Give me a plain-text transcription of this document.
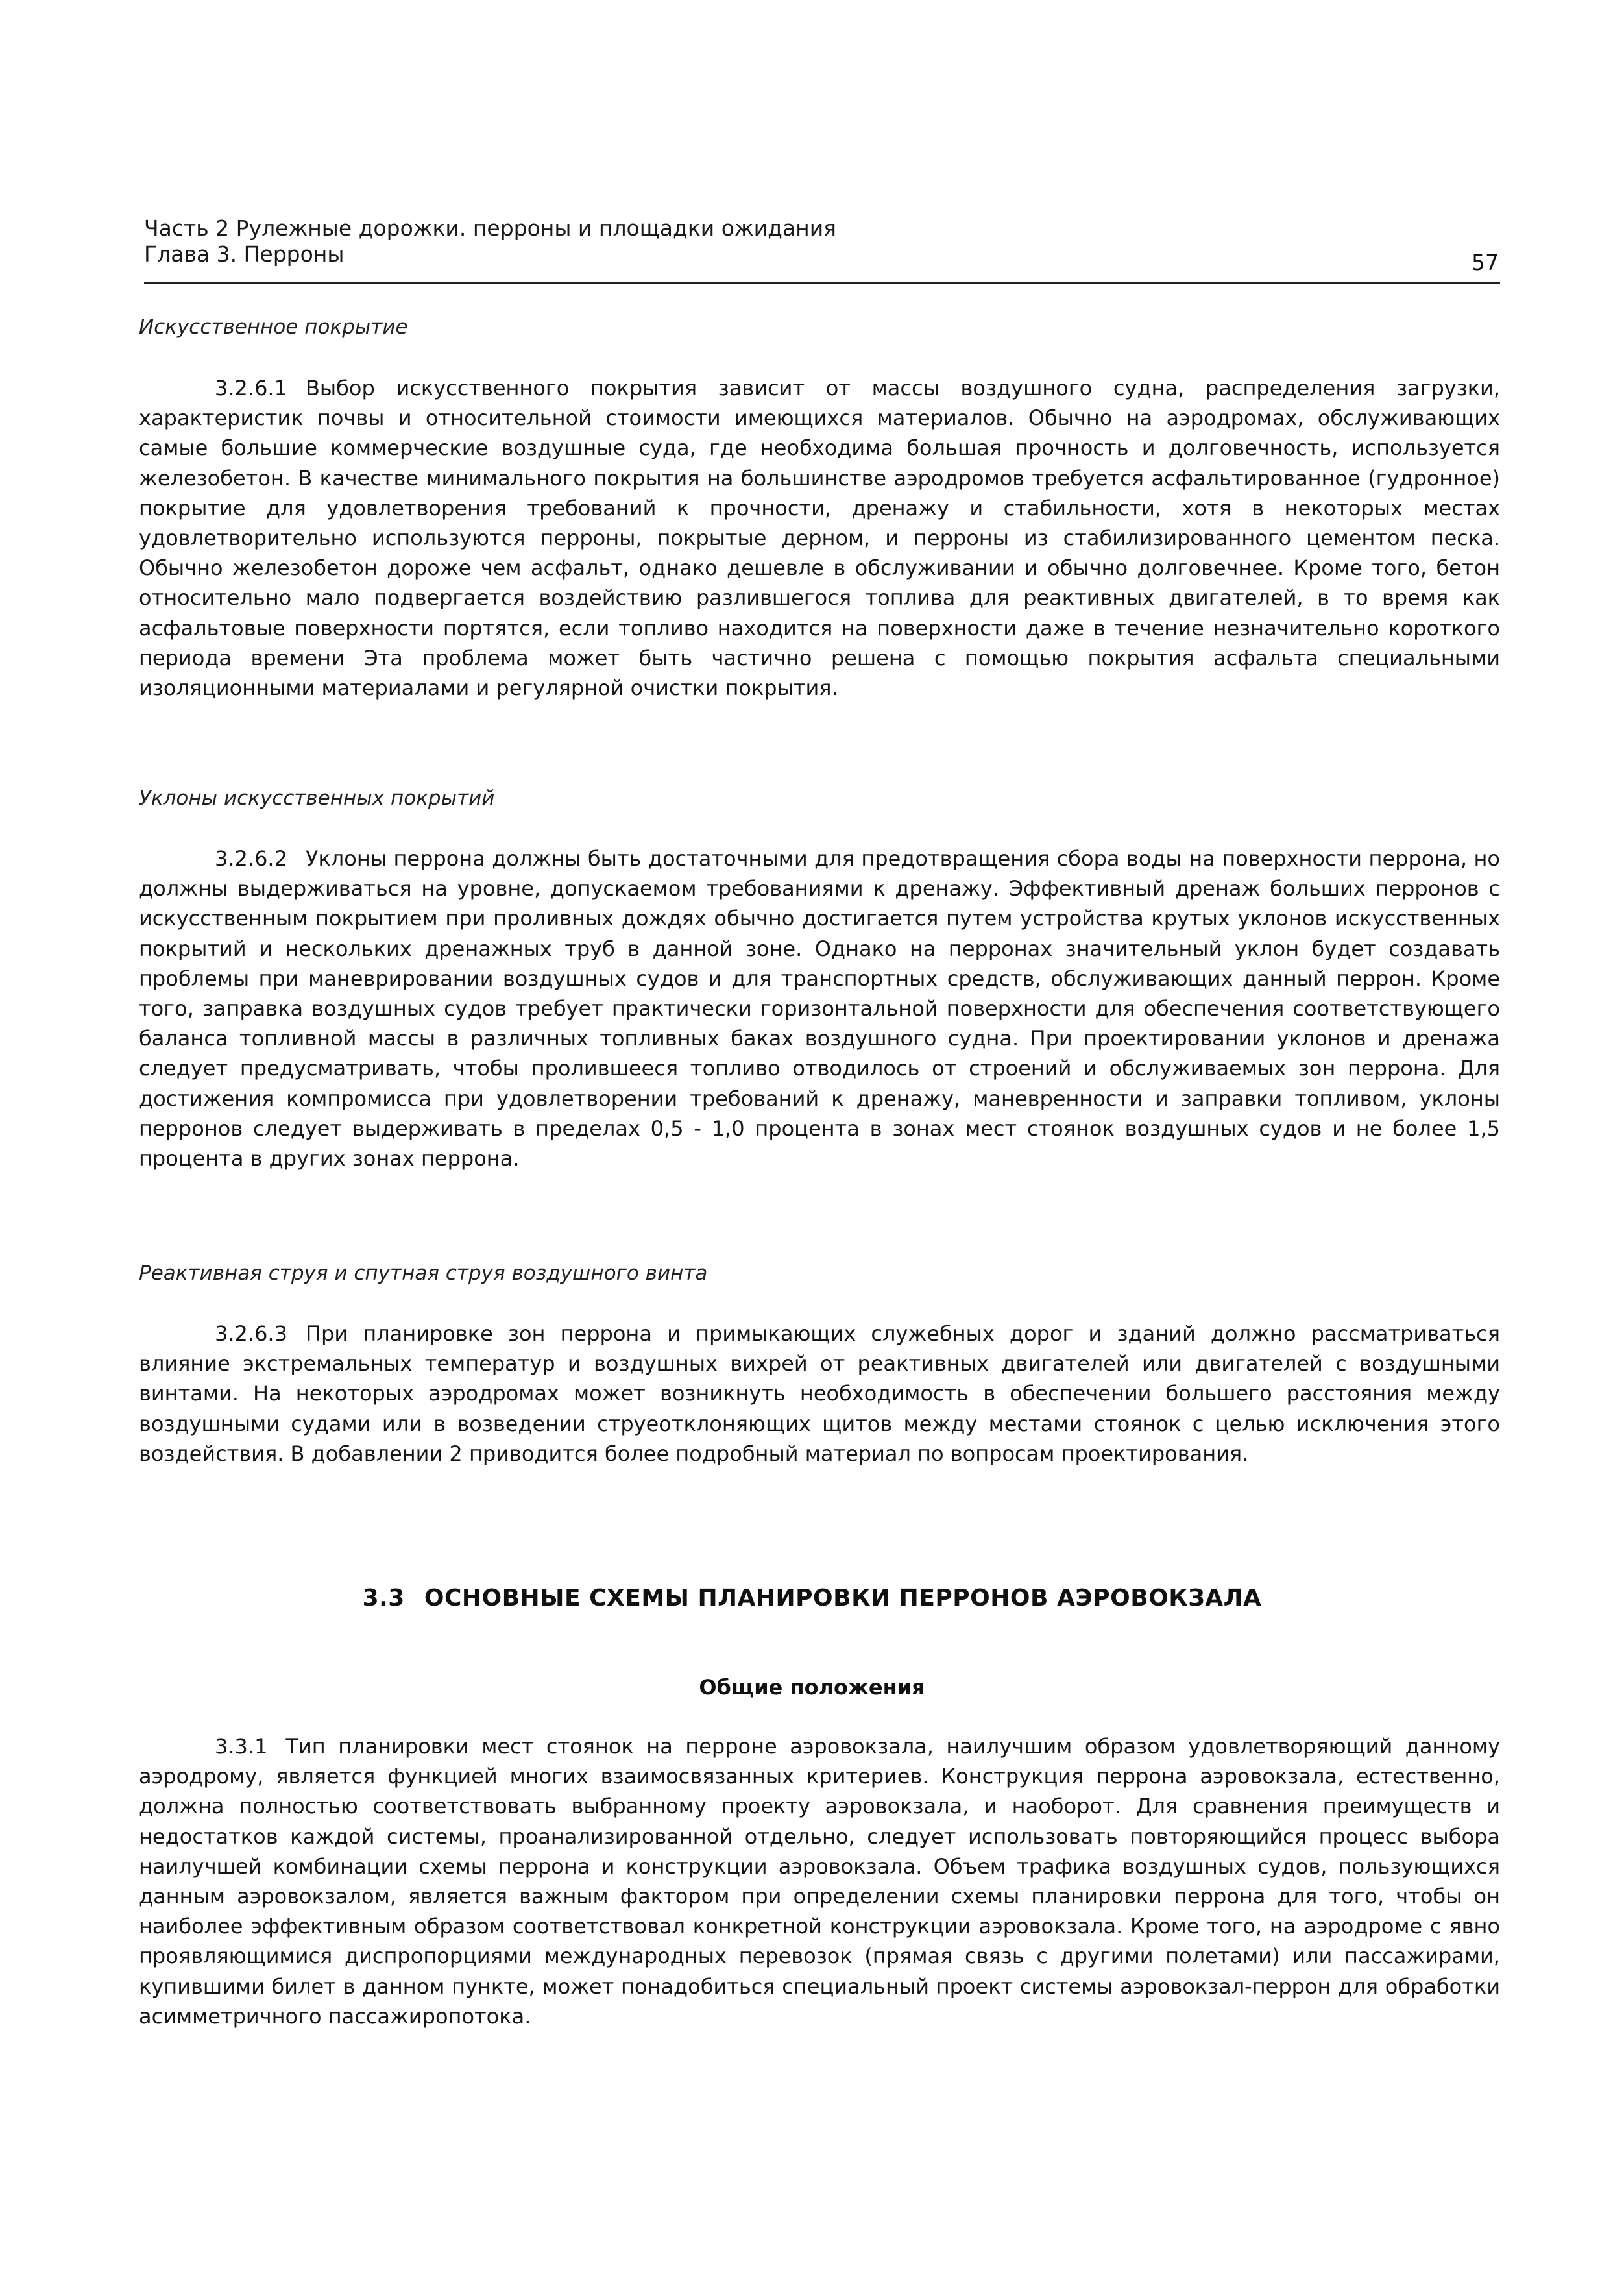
Часть 2 Рулежные дорожки. перроны и площадки ожидания
Глава 3. Перроны	57
Искусственное покрытие
3.2.6.1 Выбор искусственного покрытия зависит от массы воздушного судна, распределения загрузки, характеристик почвы и относительной стоимости имеющихся материалов. Обычно на аэродромах, обслуживающих самые большие коммерческие воздушные суда, где необходима большая прочность и долговечность, используется железобетон. В качестве минимального покрытия на большинстве аэродромов требуется асфальтированное (гудронное) покрытие для удовлетворения требований к прочности, дренажу и стабильности, хотя в некоторых местах удовлетворительно используются перроны, покрытые дерном, и перроны из стабилизированного цементом песка. Обычно железобетон дороже чем асфальт, однако дешевле в обслуживании и обычно долговечнее. Кроме того, бетон относительно мало подвергается воздействию разлившегося топлива для реактивных двигателей, в то время как асфальтовые поверхности портятся, если топливо находится на поверхности даже в течение незначительно короткого периода времени Эта проблема может быть частично решена с помощью покрытия асфальта специальными изоляционными материалами и регулярной очистки покрытия.
Уклоны искусственных покрытий
3.2.6.2 Уклоны перрона должны быть достаточными для предотвращения сбора воды на поверхности перрона, но должны выдерживаться на уровне, допускаемом требованиями к дренажу. Эффективный дренаж больших перронов с искусственным покрытием при проливных дождях обычно достигается путем устройства крутых уклонов искусственных покрытий и нескольких дренажных труб в данной зоне. Однако на перронах значительный уклон будет создавать проблемы при маневрировании воздушных судов и для транспортных средств, обслуживающих данный перрон. Кроме того, заправка воздушных судов требует практически горизонтальной поверхности для обеспечения соответствующего баланса топливной массы в различных топливных баках воздушного судна. При проектировании уклонов и дренажа следует предусматривать, чтобы пролившееся топливо отводилось от строений и обслуживаемых зон перрона. Для достижения компромисса при удовлетворении требований к дренажу, маневренности и заправки топливом, уклоны перронов следует выдерживать в пределах 0,5 - 1,0 процента в зонах мест стоянок воздушных судов и не более 1,5 процента в других зонах перрона.
Реактивная струя и спутная струя воздушного винта
3.2.6.3 При планировке зон перрона и примыкающих служебных дорог и зданий должно рассматриваться влияние экстремальных температур и воздушных вихрей от реактивных двигателей или двигателей с воздушными винтами. На некоторых аэродромах может возникнуть необходимость в обеспечении большего расстояния между воздушными судами или в возведении струеотклоняющих щитов между местами стоянок с целью исключения этого воздействия. В добавлении 2 приводится более подробный материал по вопросам проектирования.
3.3 ОСНОВНЫЕ СХЕМЫ ПЛАНИРОВКИ ПЕРРОНОВ АЭРОВОКЗАЛА
Общие положения
3.3.1 Тип планировки мест стоянок на перроне аэровокзала, наилучшим образом удовлетворяющий данному аэродрому, является функцией многих взаимосвязанных критериев. Конструкция перрона аэровокзала, естественно, должна полностью соответствовать выбранному проекту аэровокзала, и наоборот. Для сравнения преимуществ и недостатков каждой системы, проанализированной отдельно, следует использовать повторяющийся процесс выбора наилучшей комбинации схемы перрона и конструкции аэровокзала. Объем трафика воздушных судов, пользующихся данным аэровокзалом, является важным фактором при определении схемы планировки перрона для того, чтобы он наиболее эффективным образом соответствовал конкретной конструкции аэровокзала. Кроме того, на аэродроме с явно проявляющимися диспропорциями международных перевозок (прямая связь с другими полетами) или пассажирами, купившими билет в данном пункте, может понадобиться специальный проект системы аэровокзал-перрон для обработки асимметричного пассажиропотока.
